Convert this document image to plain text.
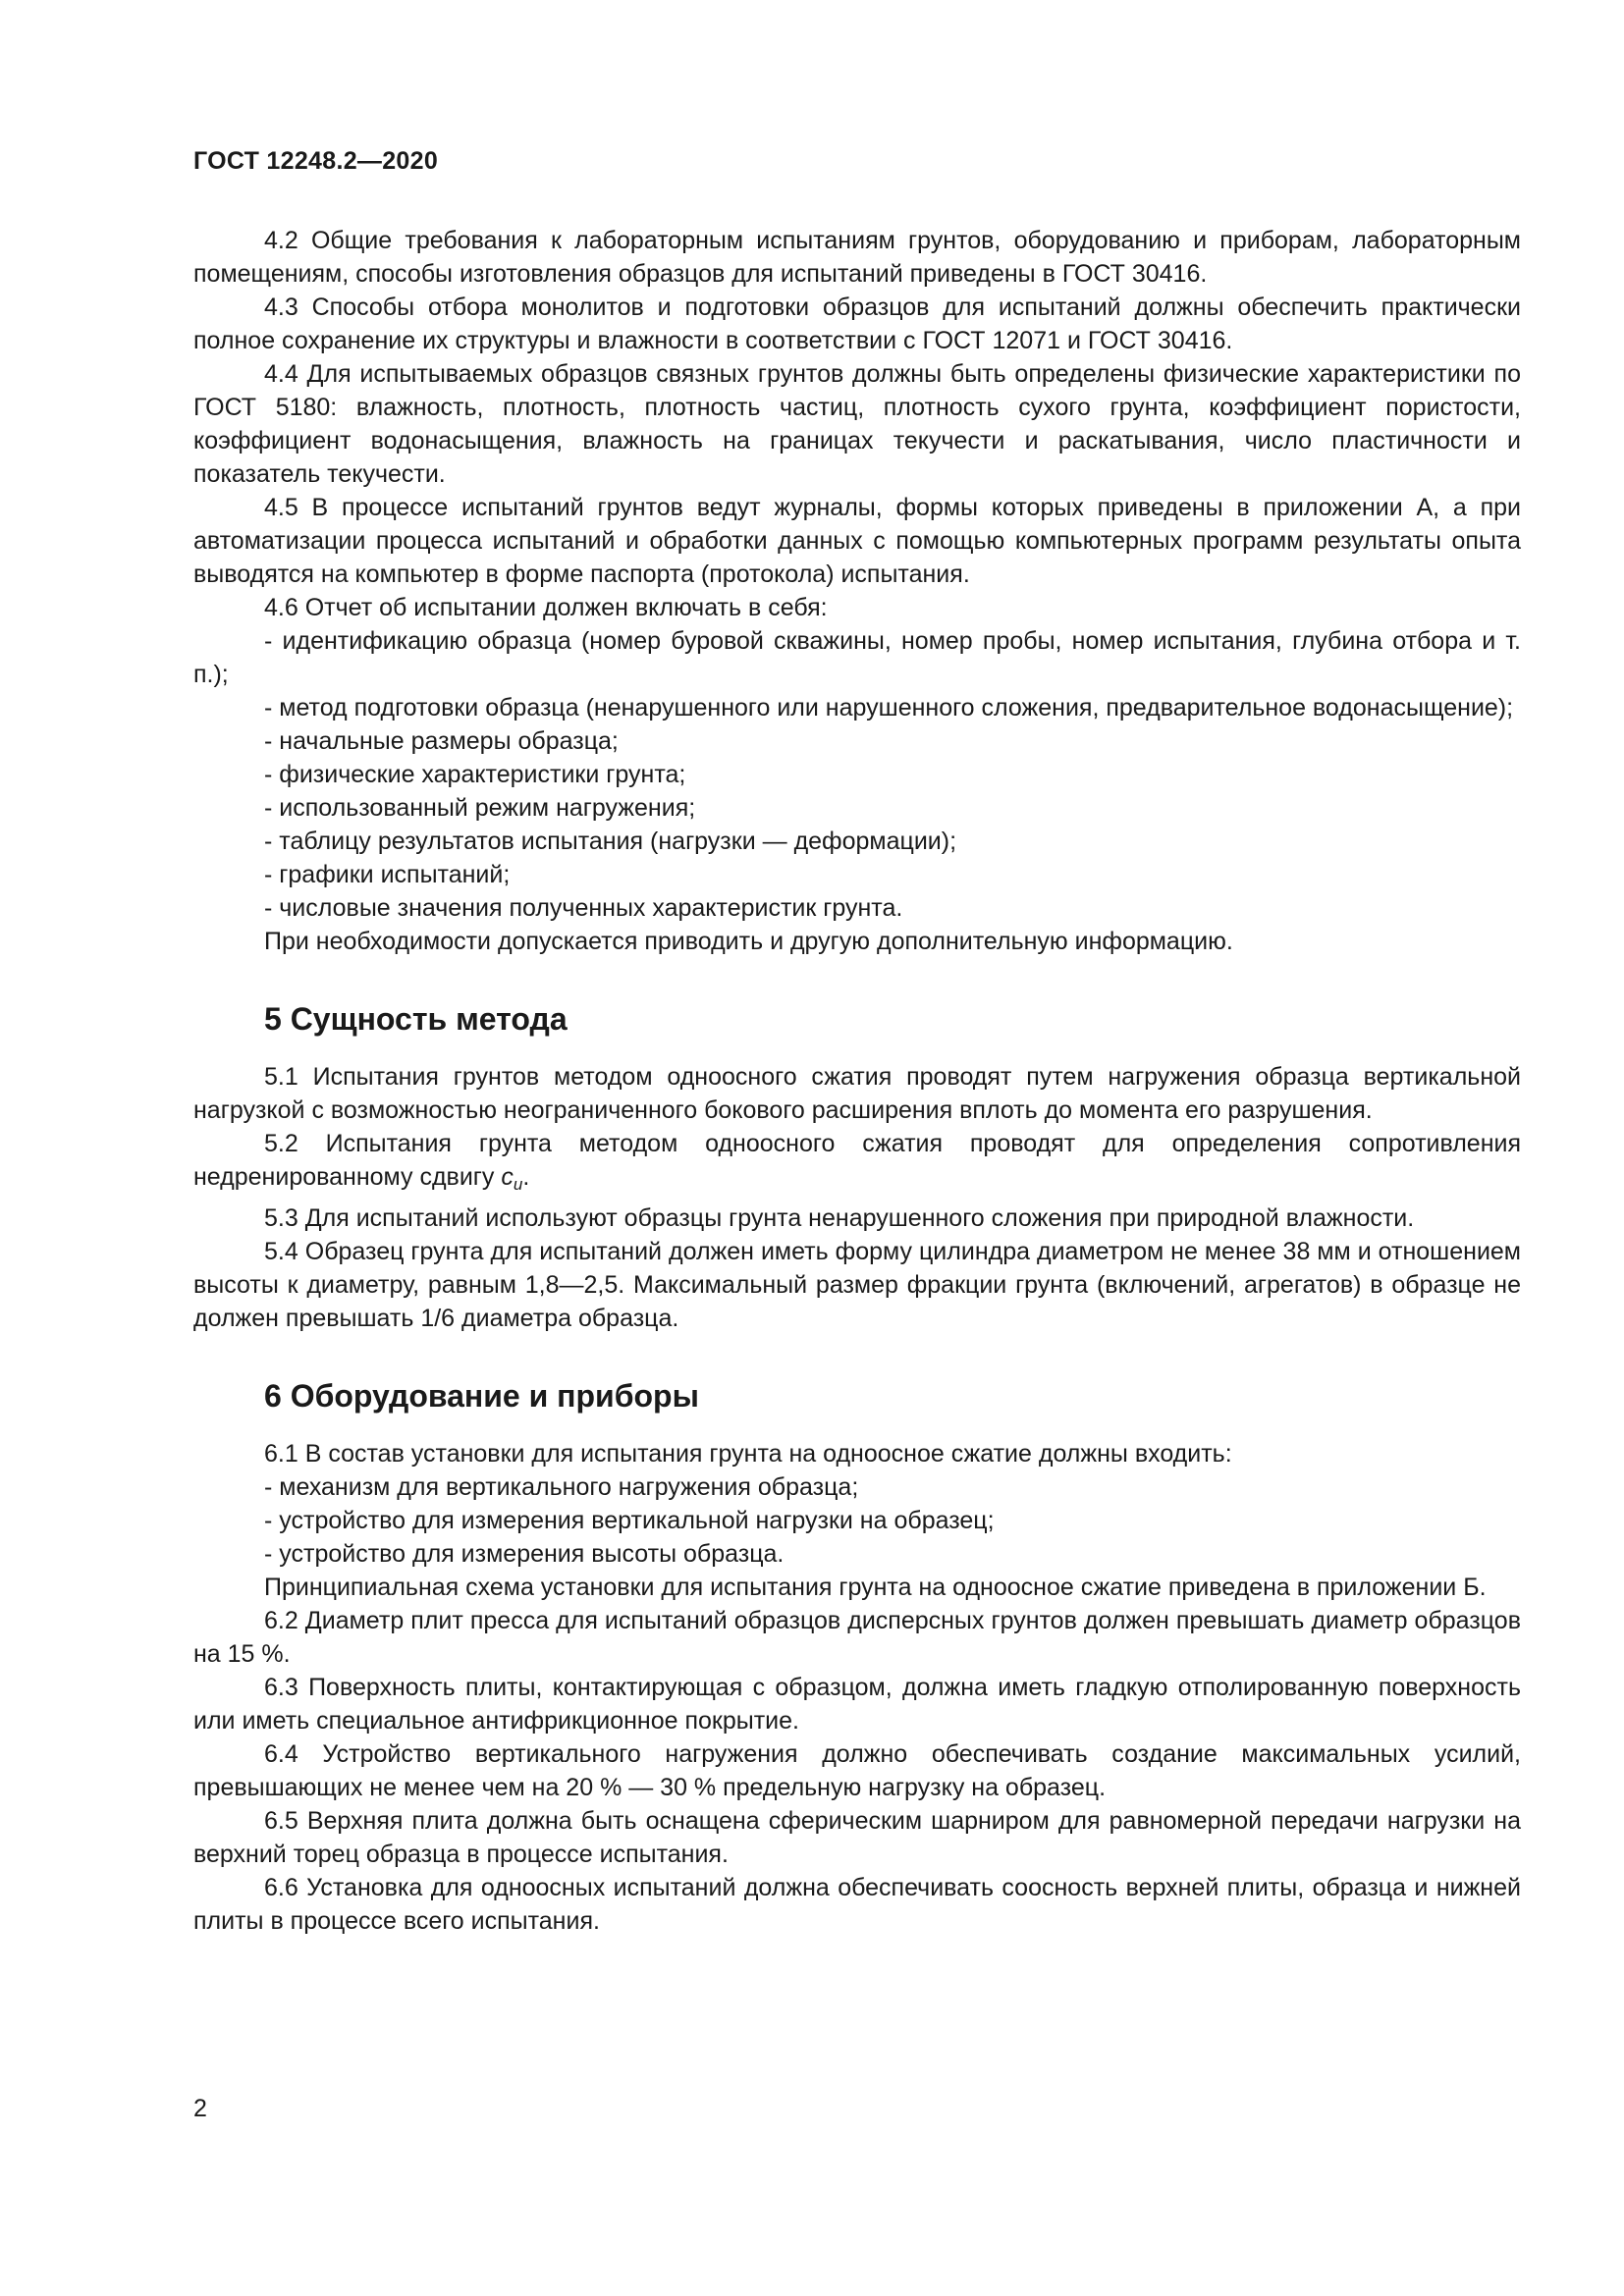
ГОСТ 12248.2—2020

4.2 Общие требования к лабораторным испытаниям грунтов, оборудованию и приборам, лабораторным помещениям, способы изготовления образцов для испытаний приведены в ГОСТ 30416.

4.3 Способы отбора монолитов и подготовки образцов для испытаний должны обеспечить практически полное сохранение их структуры и влажности в соответствии с ГОСТ 12071 и ГОСТ 30416.

4.4 Для испытываемых образцов связных грунтов должны быть определены физические характеристики по ГОСТ 5180: влажность, плотность, плотность частиц, плотность сухого грунта, коэффициент пористости, коэффициент водонасыщения, влажность на границах текучести и раскатывания, число пластичности и показатель текучести.

4.5 В процессе испытаний грунтов ведут журналы, формы которых приведены в приложении А, а при автоматизации процесса испытаний и обработки данных с помощью компьютерных программ результаты опыта выводятся на компьютер в форме паспорта (протокола) испытания.

4.6 Отчет об испытании должен включать в себя:

- идентификацию образца (номер буровой скважины, номер пробы, номер испытания, глубина отбора и т. п.);

- метод подготовки образца (ненарушенного или нарушенного сложения, предварительное водонасыщение);

- начальные размеры образца;

- физические характеристики грунта;

- использованный режим нагружения;

- таблицу результатов испытания (нагрузки — деформации);

- графики испытаний;

- числовые значения полученных характеристик грунта.

При необходимости допускается приводить и другую дополнительную информацию.

5 Сущность метода

5.1 Испытания грунтов методом одноосного сжатия проводят путем нагружения образца вертикальной нагрузкой с возможностью неограниченного бокового расширения вплоть до момента его разрушения.

5.2 Испытания грунта методом одноосного сжатия проводят для определения сопротивления недренированному сдвигу $c_u$.

5.3 Для испытаний используют образцы грунта ненарушенного сложения при природной влажности.

5.4 Образец грунта для испытаний должен иметь форму цилиндра диаметром не менее 38 мм и отношением высоты к диаметру, равным 1,8—2,5. Максимальный размер фракции грунта (включений, агрегатов) в образце не должен превышать 1/6 диаметра образца.

6 Оборудование и приборы

6.1 В состав установки для испытания грунта на одноосное сжатие должны входить:

- механизм для вертикального нагружения образца;

- устройство для измерения вертикальной нагрузки на образец;

- устройство для измерения высоты образца.

Принципиальная схема установки для испытания грунта на одноосное сжатие приведена в приложении Б.

6.2 Диаметр плит пресса для испытаний образцов дисперсных грунтов должен превышать диаметр образцов на 15 %.

6.3 Поверхность плиты, контактирующая с образцом, должна иметь гладкую отполированную поверхность или иметь специальное антифрикционное покрытие.

6.4 Устройство вертикального нагружения должно обеспечивать создание максимальных усилий, превышающих не менее чем на 20 % — 30 % предельную нагрузку на образец.

6.5 Верхняя плита должна быть оснащена сферическим шарниром для равномерной передачи нагрузки на верхний торец образца в процессе испытания.

6.6 Установка для одноосных испытаний должна обеспечивать соосность верхней плиты, образца и нижней плиты в процессе всего испытания.

2
